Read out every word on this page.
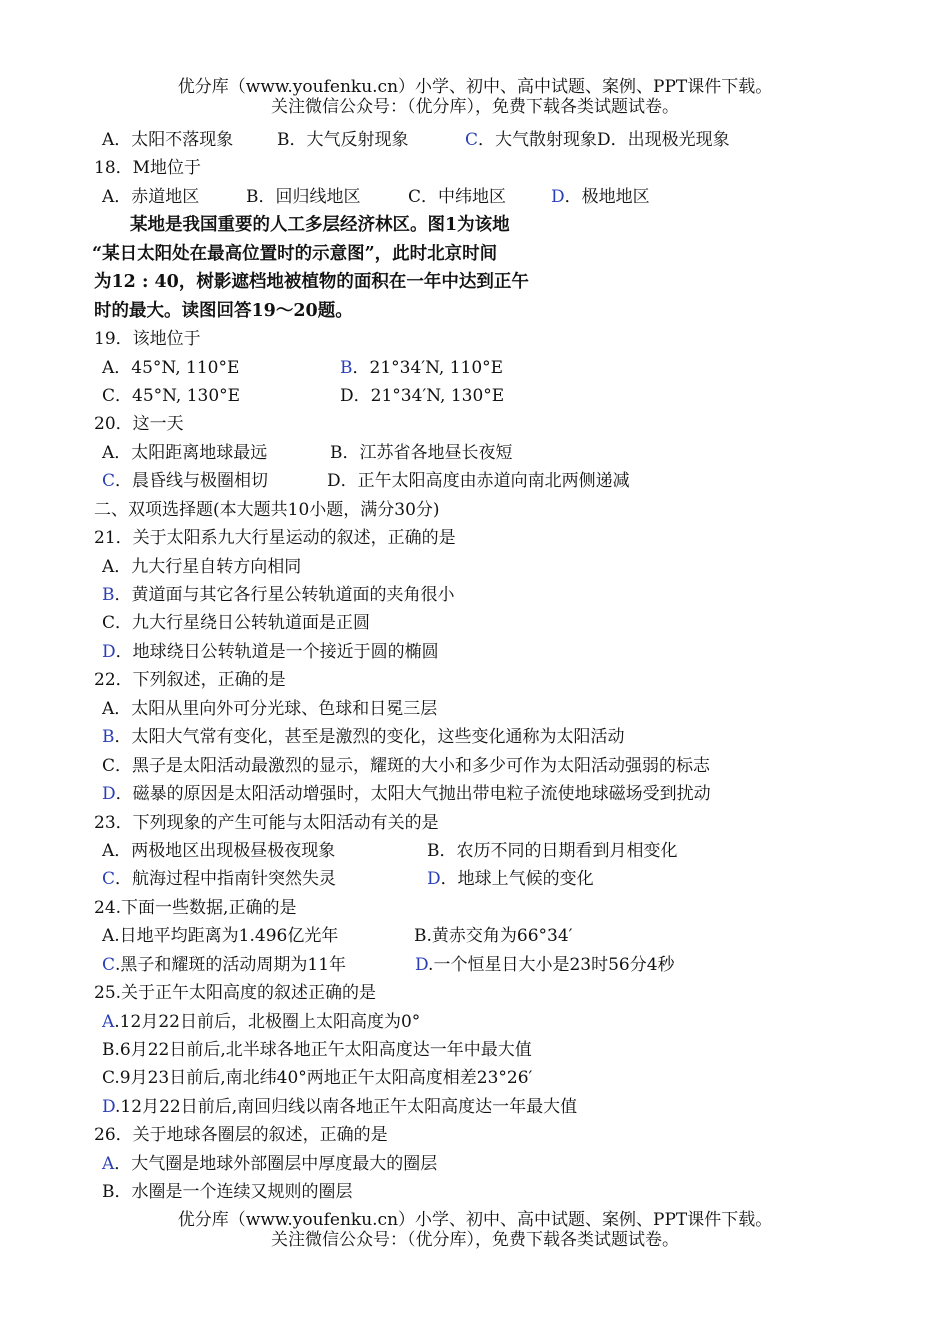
优分库（www.youfenku.cn）小学、初中、高中试题、案例、PPT课件下载。
关注微信公众号：（优分库），免费下载各类试题试卷。
A．太阳不落现象	B．大气反射现象	C．大气散射现象D．出现极光现象
18．M地位于
A．赤道地区	B．回归线地区	C．中纬地区	D．极地地区
某地是我国重要的人工多层经济林区。图1为该地
“某日太阳处在最高位置时的示意图”，此时北京时间
为12 : 40，树影遮档地被植物的面积在一年中达到正午
时的最大。读图回答19～20题。
19．该地位于
A．45°N, 110°E	B．21°34′N, 110°E
C．45°N, 130°E	D．21°34′N, 130°E
20．这一天
A．太阳距离地球最远	B．江苏省各地昼长夜短
C．晨昏线与极圈相切	D．正午太阳高度由赤道向南北两侧递减
二、双项选择题(本大题共10小题，满分30分)
21．关于太阳系九大行星运动的叙述，正确的是
A．九大行星自转方向相同
B．黄道面与其它各行星公转轨道面的夹角很小
C．九大行星绕日公转轨道面是正圆
D．地球绕日公转轨道是一个接近于圆的椭圆
22．下列叙述，正确的是
A．太阳从里向外可分光球、色球和日冕三层
B．太阳大气常有变化，甚至是激烈的变化，这些变化通称为太阳活动
C．黑子是太阳活动最激烈的显示，耀斑的大小和多少可作为太阳活动强弱的标志
D．磁暴的原因是太阳活动增强时，太阳大气抛出带电粒子流使地球磁场受到扰动
23．下列现象的产生可能与太阳活动有关的是
A．两极地区出现极昼极夜现象	B．农历不同的日期看到月相变化
C．航海过程中指南针突然失灵	D．地球上气候的变化
24.下面一些数据,正确的是
A.日地平均距离为1.496亿光年	B.黄赤交角为66°34′
C.黑子和耀斑的活动周期为11年	D.一个恒星日大小是23时56分4秒
25.关于正午太阳高度的叙述正确的是
A.12月22日前后，北极圈上太阳高度为0°
B.6月22日前后,北半球各地正午太阳高度达一年中最大值
C.9月23日前后,南北纬40°两地正午太阳高度相差23°26′
D.12月22日前后,南回归线以南各地正午太阳高度达一年最大值
26．关于地球各圈层的叙述，正确的是
A．大气圈是地球外部圈层中厚度最大的圈层
B．水圈是一个连续又规则的圈层
优分库（www.youfenku.cn）小学、初中、高中试题、案例、PPT课件下载。
关注微信公众号：（优分库），免费下载各类试题试卷。
